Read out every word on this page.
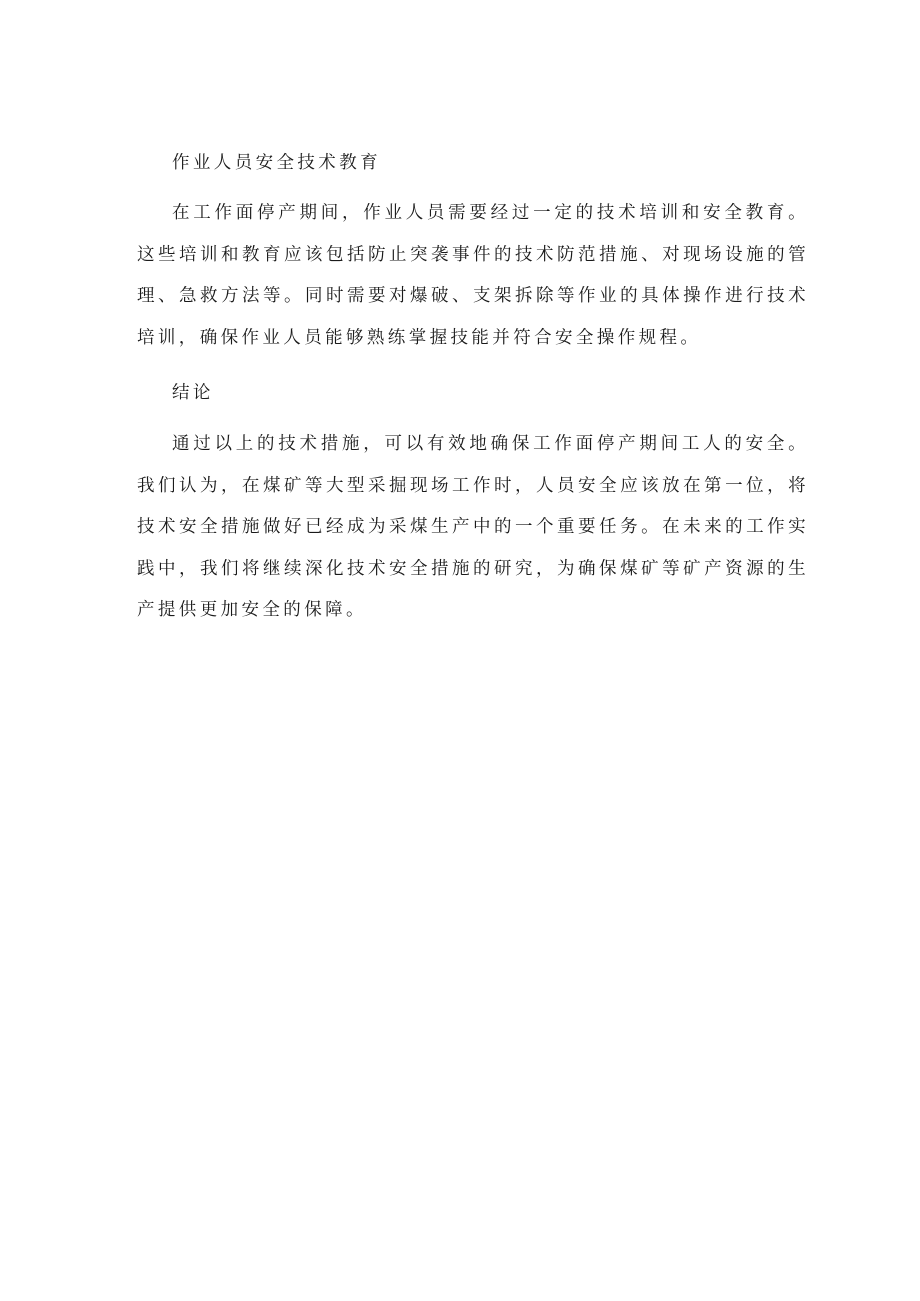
作业人员安全技术教育

在工作面停产期间，作业人员需要经过一定的技术培训和安全教育。这些培训和教育应该包括防止突袭事件的技术防范措施、对现场设施的管理、急救方法等。同时需要对爆破、支架拆除等作业的具体操作进行技术培训，确保作业人员能够熟练掌握技能并符合安全操作规程。

结论

通过以上的技术措施，可以有效地确保工作面停产期间工人的安全。我们认为，在煤矿等大型采掘现场工作时，人员安全应该放在第一位，将技术安全措施做好已经成为采煤生产中的一个重要任务。在未来的工作实践中，我们将继续深化技术安全措施的研究，为确保煤矿等矿产资源的生产提供更加安全的保障。
